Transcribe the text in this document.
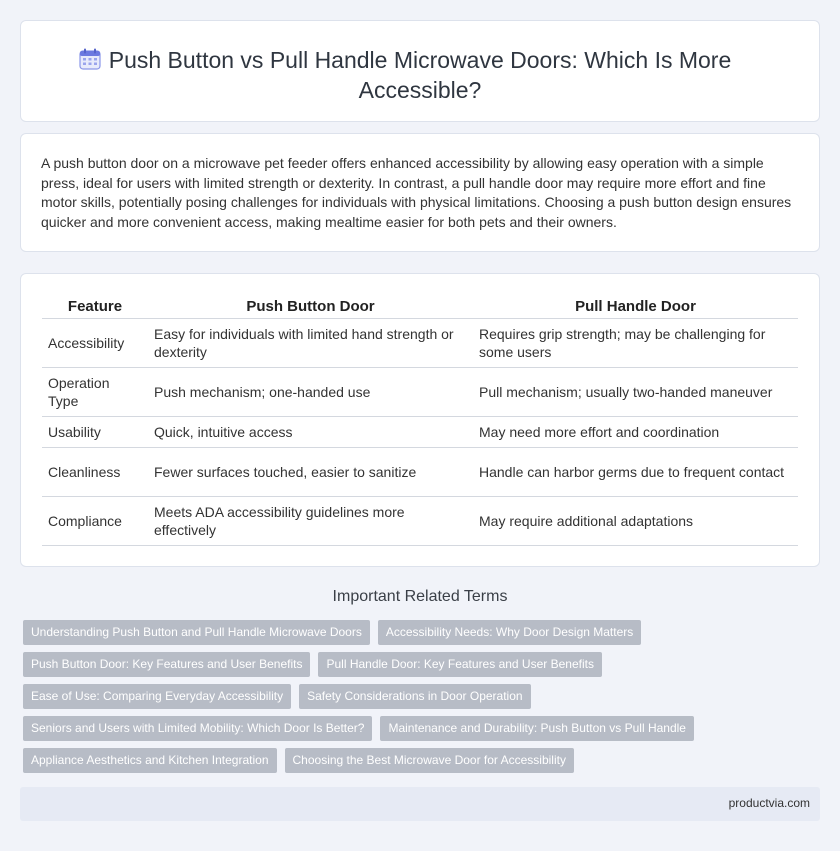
Push Button vs Pull Handle Microwave Doors: Which Is More Accessible?

A push button door on a microwave pet feeder offers enhanced accessibility by allowing easy operation with a simple press, ideal for users with limited strength or dexterity. In contrast, a pull handle door may require more effort and fine motor skills, potentially posing challenges for individuals with physical limitations. Choosing a push button design ensures quicker and more convenient access, making mealtime easier for both pets and their owners.

Feature	Push Button Door	Pull Handle Door
Accessibility	Easy for individuals with limited hand strength or dexterity	Requires grip strength; may be challenging for some users
Operation Type	Push mechanism; one-handed use	Pull mechanism; usually two-handed maneuver
Usability	Quick, intuitive access	May need more effort and coordination
Cleanliness	Fewer surfaces touched, easier to sanitize	Handle can harbor germs due to frequent contact
Compliance	Meets ADA accessibility guidelines more effectively	May require additional adaptations
Important Related Terms
Understanding Push Button and Pull Handle Microwave Doors	Accessibility Needs: Why Door Design Matters
Push Button Door: Key Features and User Benefits	Pull Handle Door: Key Features and User Benefits
Ease of Use: Comparing Everyday Accessibility	Safety Considerations in Door Operation
Seniors and Users with Limited Mobility: Which Door Is Better?	Maintenance and Durability: Push Button vs Pull Handle
Appliance Aesthetics and Kitchen Integration	Choosing the Best Microwave Door for Accessibility
productvia.com
